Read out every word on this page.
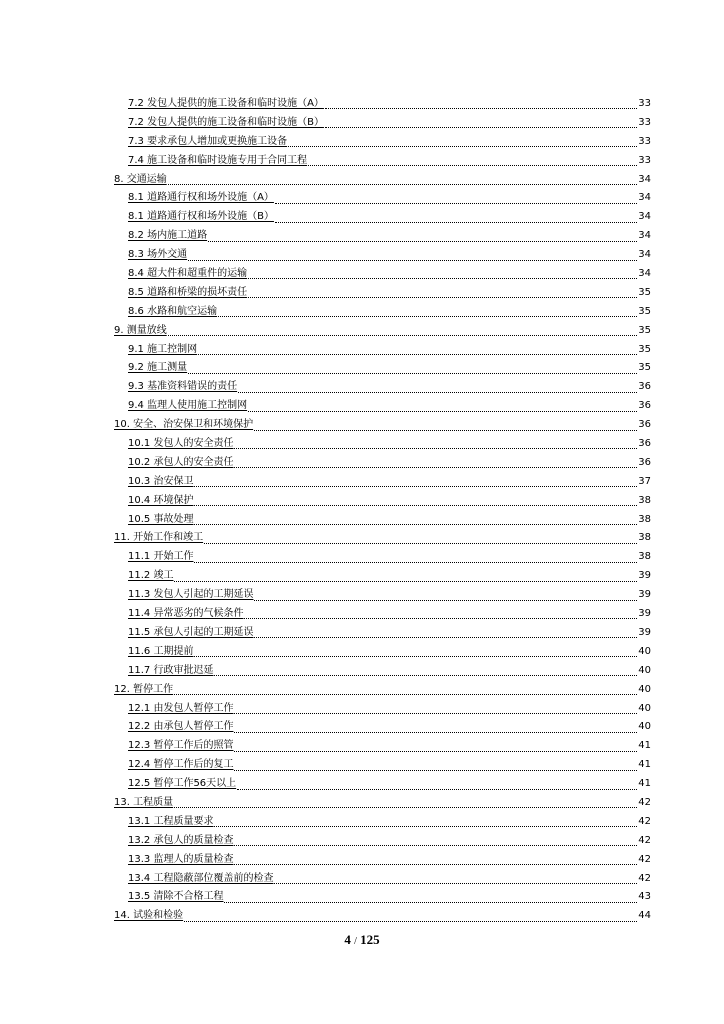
7.2 发包人提供的施工设备和临时设施（A）	33
7.2 发包人提供的施工设备和临时设施（B）	33
7.3 要求承包人增加或更换施工设备	33
7.4 施工设备和临时设施专用于合同工程	33
8. 交通运输	34
8.1 道路通行权和场外设施（A）	34
8.1 道路通行权和场外设施（B）	34
8.2 场内施工道路	34
8.3 场外交通	34
8.4 超大件和超重件的运输	34
8.5 道路和桥梁的损坏责任	35
8.6 水路和航空运输	35
9. 测量放线	35
9.1 施工控制网	35
9.2 施工测量	35
9.3 基准资料错误的责任	36
9.4 监理人使用施工控制网	36
10. 安全、治安保卫和环境保护	36
10.1 发包人的安全责任	36
10.2 承包人的安全责任	36
10.3 治安保卫	37
10.4 环境保护	38
10.5 事故处理	38
11. 开始工作和竣工	38
11.1 开始工作	38
11.2 竣工	39
11.3 发包人引起的工期延误	39
11.4 异常恶劣的气候条件	39
11.5 承包人引起的工期延误	39
11.6 工期提前	40
11.7 行政审批迟延	40
12. 暂停工作	40
12.1 由发包人暂停工作	40
12.2 由承包人暂停工作	40
12.3 暂停工作后的照管	41
12.4 暂停工作后的复工	41
12.5 暂停工作56天以上	41
13. 工程质量	42
13.1 工程质量要求	42
13.2 承包人的质量检查	42
13.3 监理人的质量检查	42
13.4 工程隐蔽部位覆盖前的检查	42
13.5 清除不合格工程	43
14. 试验和检验	44
4 / 125
